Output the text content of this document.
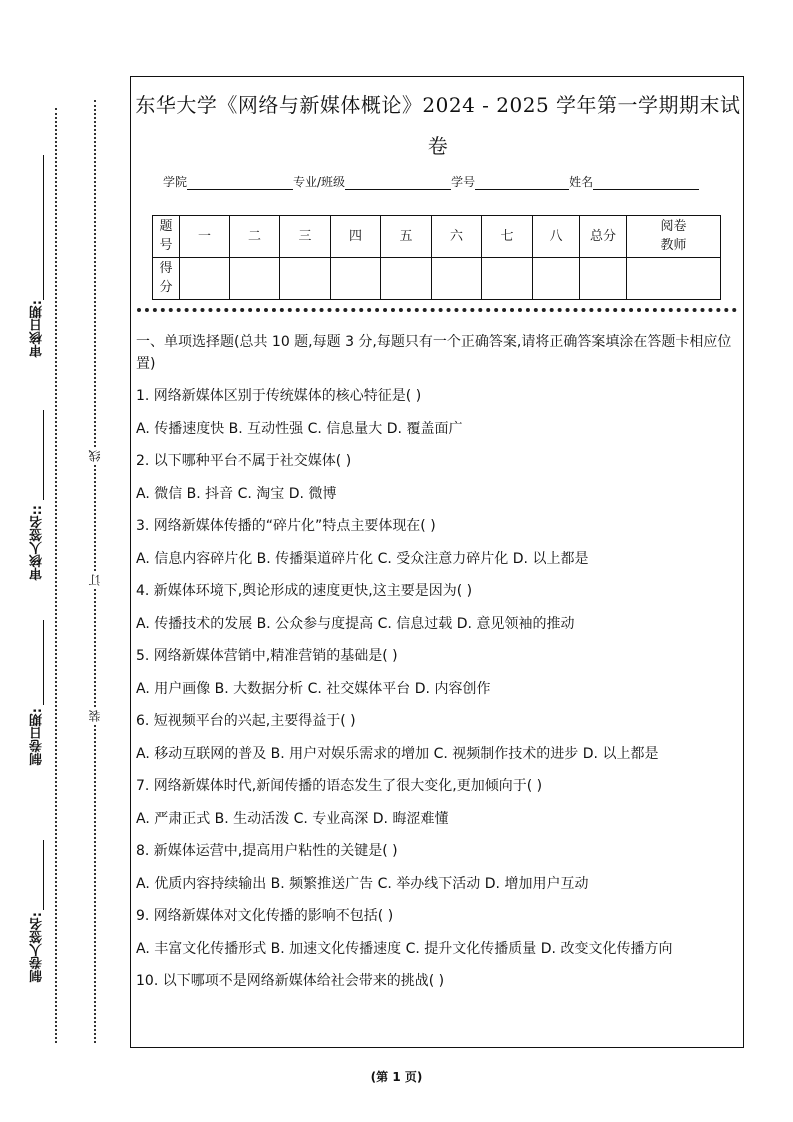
审核日期:
审核人签名::
制卷日期:
制卷人签名:
线
订
装
东华大学《网络与新媒体概论》2024 - 2025 学年第一学期期末试
卷
学院	专业/班级	学号	姓名
题号	一	二	三	四	五	六	七	八	总分	阅卷教师
得分										

一、单项选择题(总共 10 题,每题 3 分,每题只有一个正确答案,请将正确答案填涂在答题卡相应位置)

1. 网络新媒体区别于传统媒体的核心特征是( )

A. 传播速度快 B. 互动性强 C. 信息量大 D. 覆盖面广

2. 以下哪种平台不属于社交媒体( )

A. 微信 B. 抖音 C. 淘宝 D. 微博

3. 网络新媒体传播的“碎片化”特点主要体现在( )

A. 信息内容碎片化 B. 传播渠道碎片化 C. 受众注意力碎片化 D. 以上都是

4. 新媒体环境下,舆论形成的速度更快,这主要是因为( )

A. 传播技术的发展 B. 公众参与度提高 C. 信息过载 D. 意见领袖的推动

5. 网络新媒体营销中,精准营销的基础是( )

A. 用户画像 B. 大数据分析 C. 社交媒体平台 D. 内容创作

6. 短视频平台的兴起,主要得益于( )

A. 移动互联网的普及 B. 用户对娱乐需求的增加 C. 视频制作技术的进步 D. 以上都是

7. 网络新媒体时代,新闻传播的语态发生了很大变化,更加倾向于( )

A. 严肃正式 B. 生动活泼 C. 专业高深 D. 晦涩难懂

8. 新媒体运营中,提高用户粘性的关键是( )

A. 优质内容持续输出 B. 频繁推送广告 C. 举办线下活动 D. 增加用户互动

9. 网络新媒体对文化传播的影响不包括( )

A. 丰富文化传播形式 B. 加速文化传播速度 C. 提升文化传播质量 D. 改变文化传播方向

10. 以下哪项不是网络新媒体给社会带来的挑战( )

(第 1 页)
